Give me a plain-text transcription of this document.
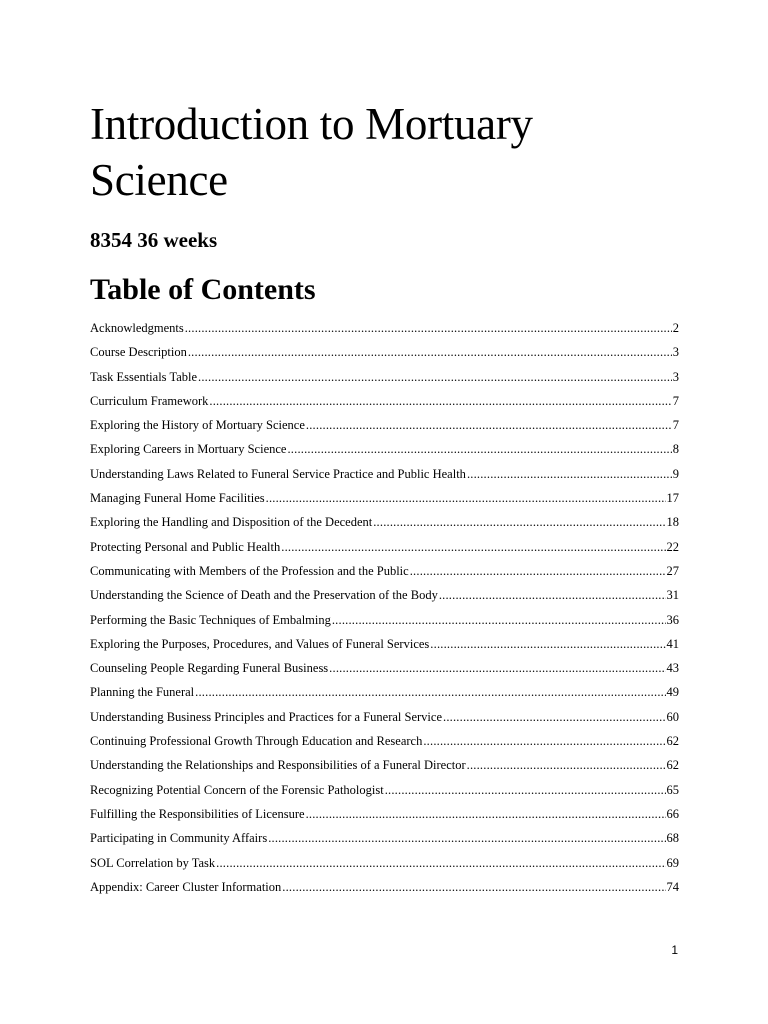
Introduction to Mortuary Science

8354 36 weeks

Table of Contents
Acknowledgments .....	2
Course Description .....	3
Task Essentials Table .....	3
Curriculum Framework .....	7
Exploring the History of Mortuary Science .....	7
Exploring Careers in Mortuary Science .....	8
Understanding Laws Related to Funeral Service Practice and Public Health .....	9
Managing Funeral Home Facilities .....	17
Exploring the Handling and Disposition of the Decedent .....	18
Protecting Personal and Public Health .....	22
Communicating with Members of the Profession and the Public .....	27
Understanding the Science of Death and the Preservation of the Body .....	31
Performing the Basic Techniques of Embalming .....	36
Exploring the Purposes, Procedures, and Values of Funeral Services .....	41
Counseling People Regarding Funeral Business .....	43
Planning the Funeral .....	49
Understanding Business Principles and Practices for a Funeral Service .....	60
Continuing Professional Growth Through Education and Research .....	62
Understanding the Relationships and Responsibilities of a Funeral Director .....	62
Recognizing Potential Concern of the Forensic Pathologist .....	65
Fulfilling the Responsibilities of Licensure .....	66
Participating in Community Affairs .....	68
SOL Correlation by Task .....	69
Appendix: Career Cluster Information .....	74

1
